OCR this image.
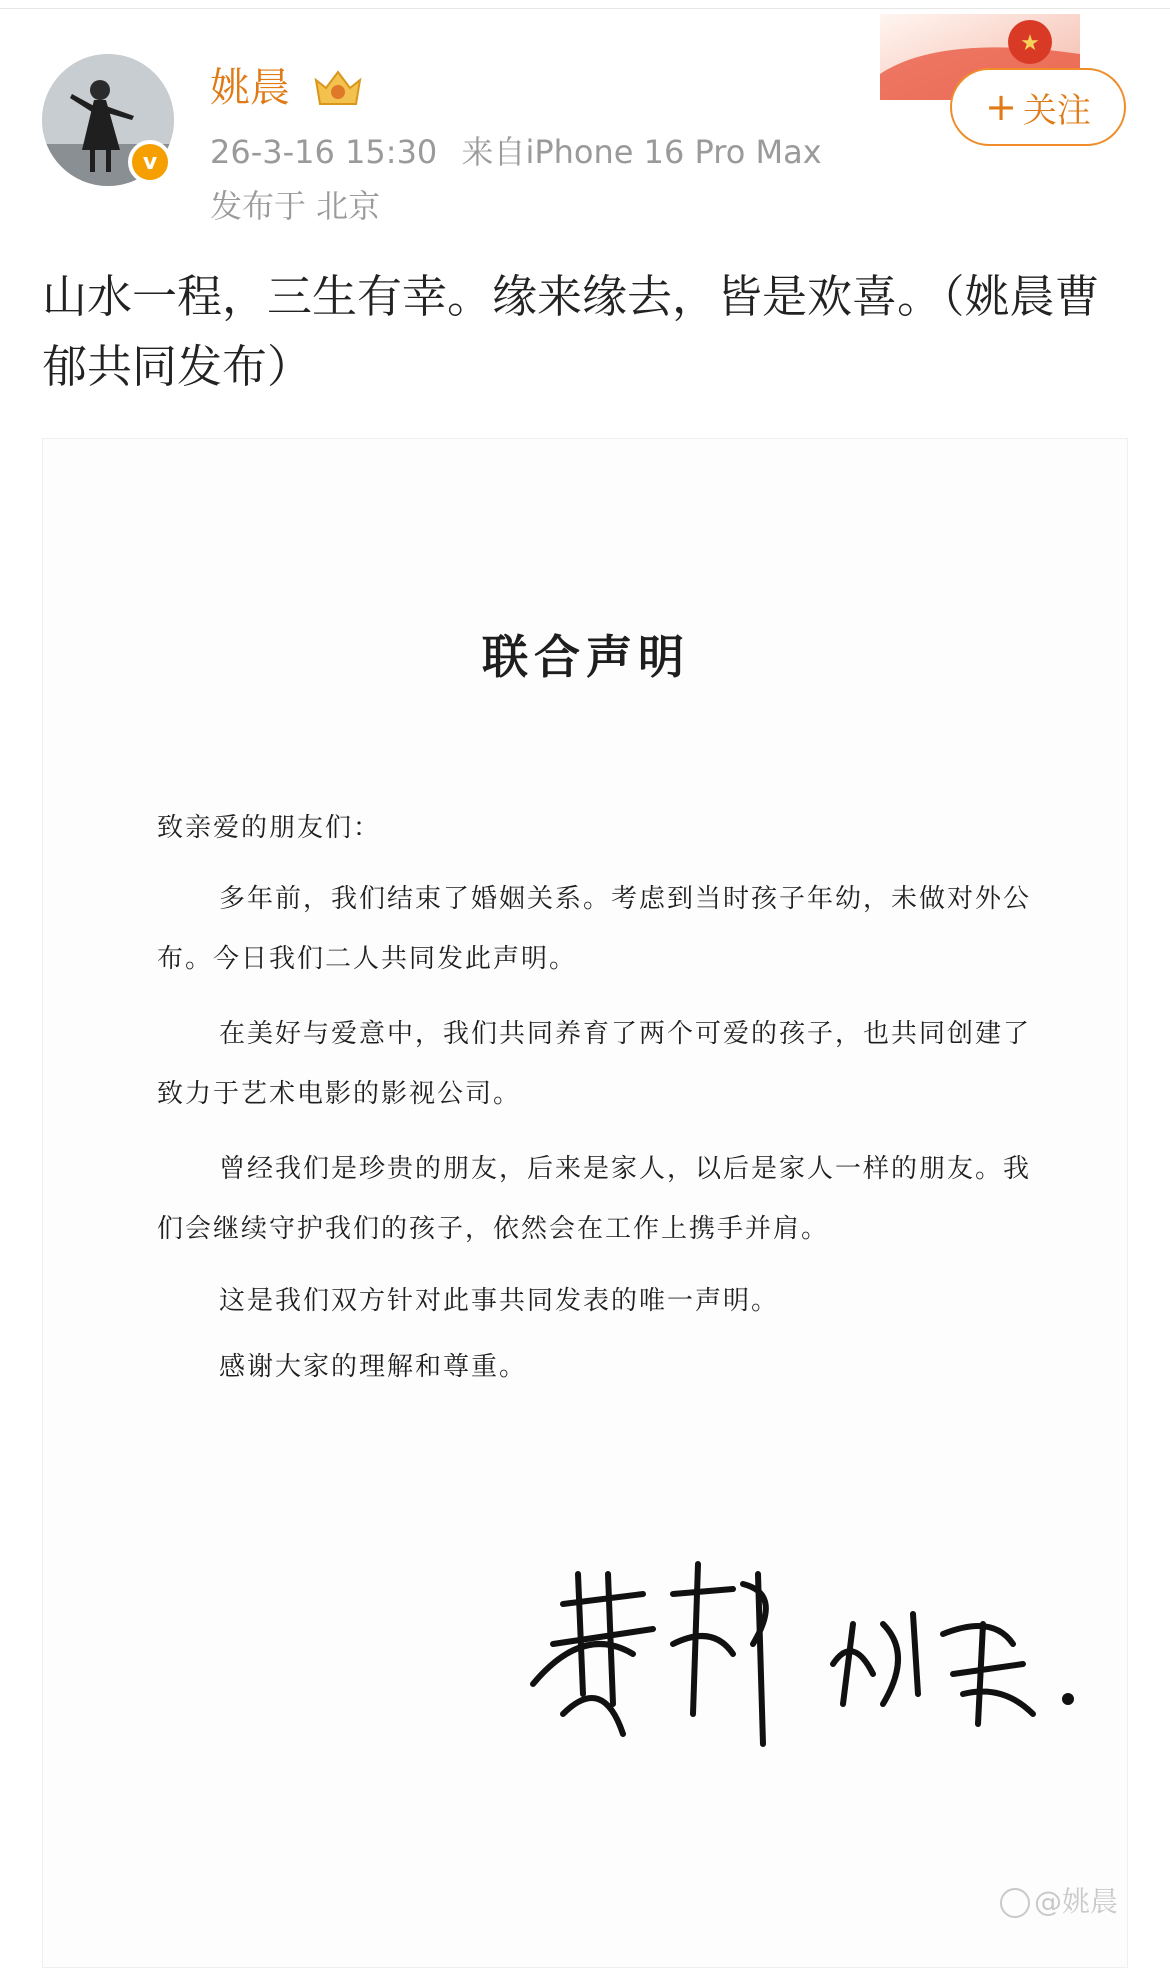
★
v
姚晨
26-3-16 15:30 来自iPhone 16 Pro Max
发布于 北京
+ 关注
山水一程，三生有幸。缘来缘去，皆是欢喜。（姚晨曹郁共同发布）
联合声明
致亲爱的朋友们：
多年前，我们结束了婚姻关系。考虑到当时孩子年幼，未做对外公布。今日我们二人共同发此声明。
在美好与爱意中，我们共同养育了两个可爱的孩子，也共同创建了致力于艺术电影的影视公司。
曾经我们是珍贵的朋友，后来是家人，以后是家人一样的朋友。我们会继续守护我们的孩子，依然会在工作上携手并肩。
这是我们双方针对此事共同发表的唯一声明。
感谢大家的理解和尊重。
@姚晨
